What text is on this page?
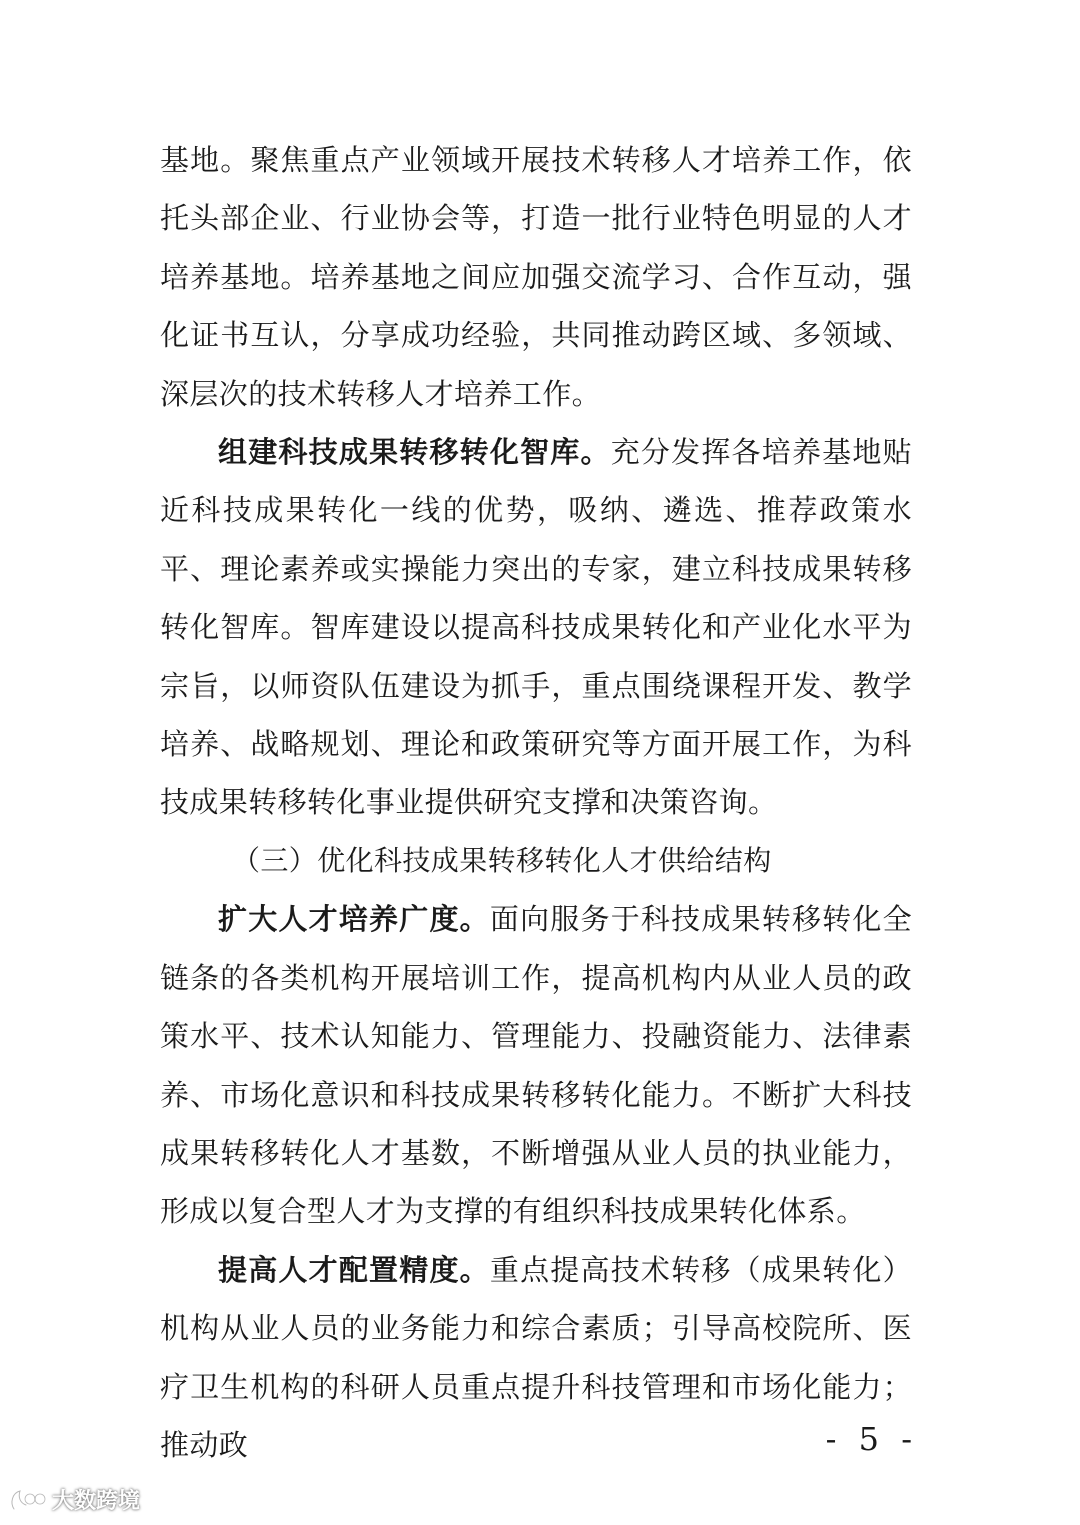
基地。聚焦重点产业领域开展技术转移人才培养工作，依托头部企业、行业协会等，打造一批行业特色明显的人才培养基地。培养基地之间应加强交流学习、合作互动，强化证书互认，分享成功经验，共同推动跨区域、多领域、深层次的技术转移人才培养工作。

组建科技成果转移转化智库。充分发挥各培养基地贴近科技成果转化一线的优势，吸纳、遴选、推荐政策水平、理论素养或实操能力突出的专家，建立科技成果转移转化智库。智库建设以提高科技成果转化和产业化水平为宗旨，以师资队伍建设为抓手，重点围绕课程开发、教学培养、战略规划、理论和政策研究等方面开展工作，为科技成果转移转化事业提供研究支撑和决策咨询。

（三）优化科技成果转移转化人才供给结构

扩大人才培养广度。面向服务于科技成果转移转化全链条的各类机构开展培训工作，提高机构内从业人员的政策水平、技术认知能力、管理能力、投融资能力、法律素养、市场化意识和科技成果转移转化能力。不断扩大科技成果转移转化人才基数，不断增强从业人员的执业能力，形成以复合型人才为支撑的有组织科技成果转化体系。

提高人才配置精度。重点提高技术转移（成果转化）机构从业人员的业务能力和综合素质；引导高校院所、医疗卫生机构的科研人员重点提升科技管理和市场化能力；推动政	- 5 -
大数跨境
